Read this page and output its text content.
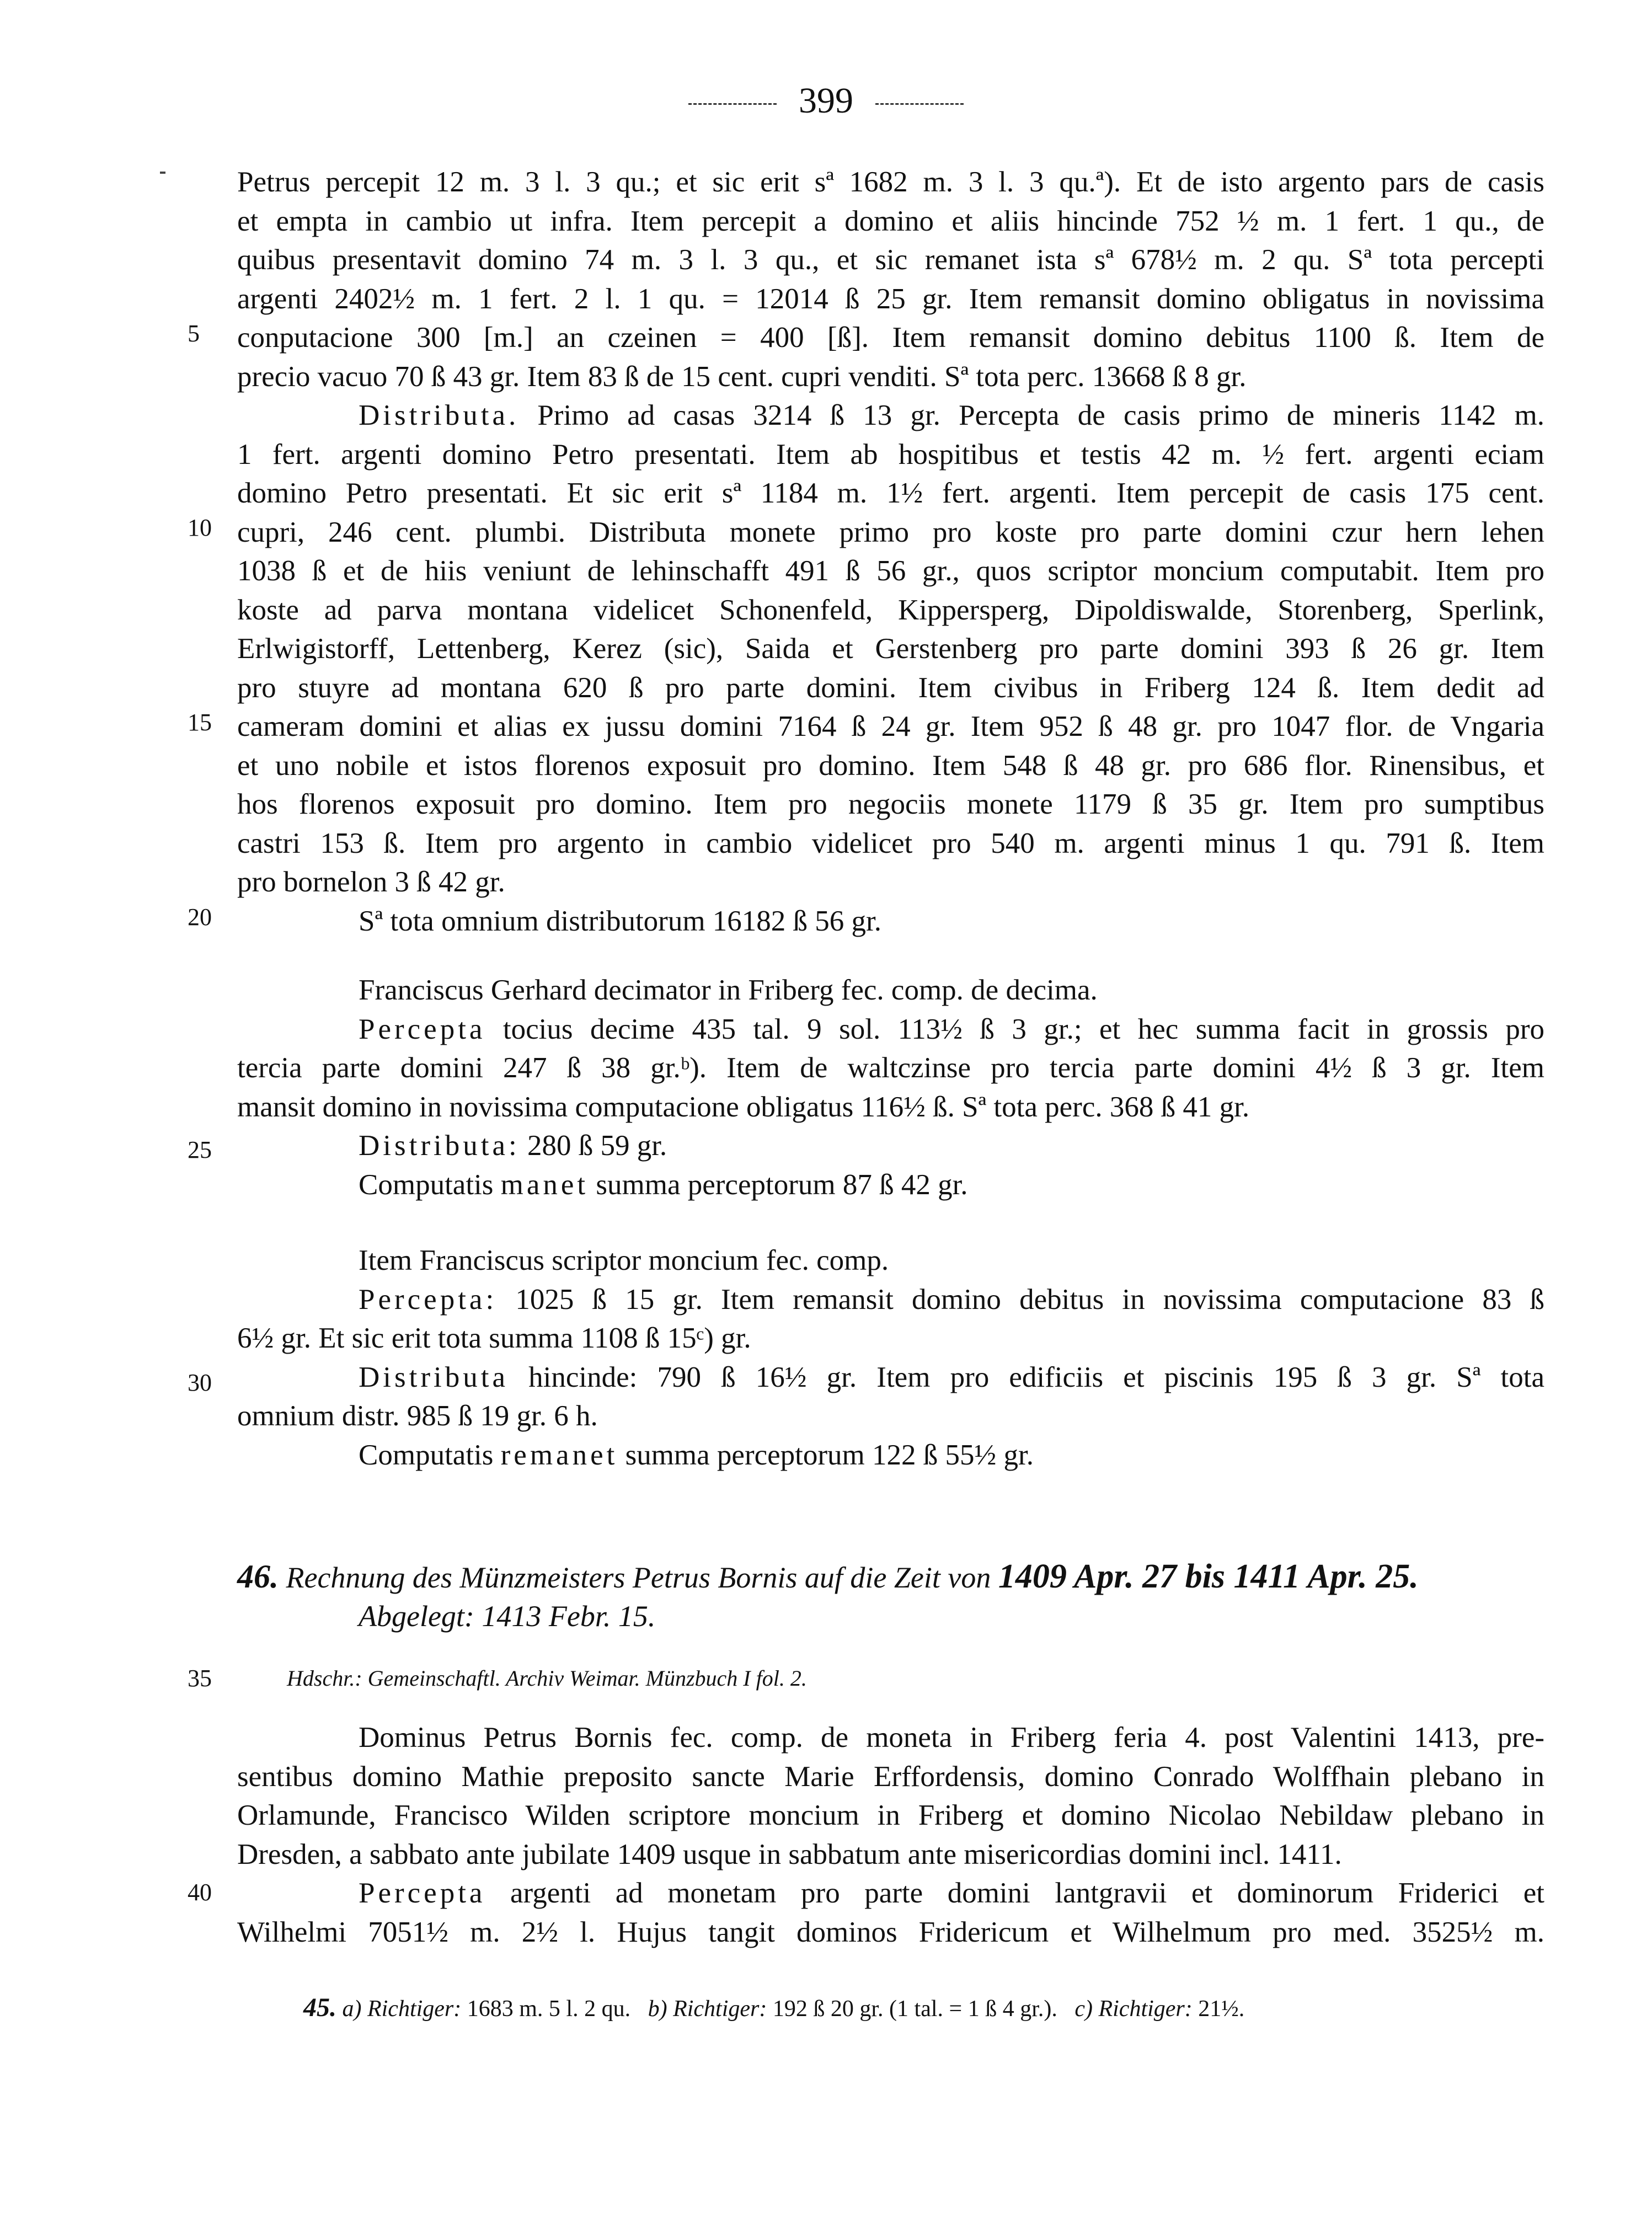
399
5
10
15
20
25
30
35
40
Petrus percepit 12 m. 3 l. 3 qu.; et sic erit sª 1682 m. 3 l. 3 qu.ª). Et de isto argento pars de casis
et empta in cambio ut infra. Item percepit a domino et aliis hincinde 752 ½ m. 1 fert. 1 qu., de
quibus presentavit domino 74 m. 3 l. 3 qu., et sic remanet ista sª 678½ m. 2 qu. Sª tota percepti
argenti 2402½ m. 1 fert. 2 l. 1 qu. = 12014 ß 25 gr. Item remansit domino obligatus in novissima
conputacione 300 [m.] an czeinen = 400 [ß]. Item remansit domino debitus 1100 ß. Item de
precio vacuo 70 ß 43 gr. Item 83 ß de 15 cent. cupri venditi. Sª tota perc. 13668 ß 8 gr.
Distributa. Primo ad casas 3214 ß 13 gr. Percepta de casis primo de mineris 1142 m.
1 fert. argenti domino Petro presentati. Item ab hospitibus et testis 42 m. ½ fert. argenti eciam
domino Petro presentati. Et sic erit sª 1184 m. 1½ fert. argenti. Item percepit de casis 175 cent.
cupri, 246 cent. plumbi. Distributa monete primo pro koste pro parte domini czur hern lehen
1038 ß et de hiis veniunt de lehinschafft 491 ß 56 gr., quos scriptor moncium computabit. Item pro
koste ad parva montana videlicet Schonenfeld, Kippersperg, Dipoldiswalde, Storenberg, Sperlink,
Erlwigistorff, Lettenberg, Kerez (sic), Saida et Gerstenberg pro parte domini 393 ß 26 gr. Item
pro stuyre ad montana 620 ß pro parte domini. Item civibus in Friberg 124 ß. Item dedit ad
cameram domini et alias ex jussu domini 7164 ß 24 gr. Item 952 ß 48 gr. pro 1047 flor. de Vngaria
et uno nobile et istos florenos exposuit pro domino. Item 548 ß 48 gr. pro 686 flor. Rinensibus, et
hos florenos exposuit pro domino. Item pro negociis monete 1179 ß 35 gr. Item pro sumptibus
castri 153 ß. Item pro argento in cambio videlicet pro 540 m. argenti minus 1 qu. 791 ß. Item
pro bornelon 3 ß 42 gr.
Sª tota omnium distributorum 16182 ß 56 gr.
Franciscus Gerhard decimator in Friberg fec. comp. de decima.
Percepta tocius decime 435 tal. 9 sol. 113½ ß 3 gr.; et hec summa facit in grossis pro
tercia parte domini 247 ß 38 gr.ᵇ). Item de waltczinse pro tercia parte domini 4½ ß 3 gr. Item
mansit domino in novissima computacione obligatus 116½ ß. Sª tota perc. 368 ß 41 gr.
Distributa: 280 ß 59 gr.
Computatis manet summa perceptorum 87 ß 42 gr.
Item Franciscus scriptor moncium fec. comp.
Percepta: 1025 ß 15 gr. Item remansit domino debitus in novissima computacione 83 ß
6½ gr. Et sic erit tota summa 1108 ß 15ᶜ) gr.
Distributa hincinde: 790 ß 16½ gr. Item pro edificiis et piscinis 195 ß 3 gr. Sª tota
omnium distr. 985 ß 19 gr. 6 h.
Computatis remanet summa perceptorum 122 ß 55½ gr.
46. Rechnung des Münzmeisters Petrus Bornis auf die Zeit von 1409 Apr. 27 bis 1411 Apr. 25.
Abgelegt: 1413 Febr. 15.
Hdschr.: Gemeinschaftl. Archiv Weimar. Münzbuch I fol. 2.
Dominus Petrus Bornis fec. comp. de moneta in Friberg feria 4. post Valentini 1413, pre-
sentibus domino Mathie preposito sancte Marie Erffordensis, domino Conrado Wolffhain plebano in
Orlamunde, Francisco Wilden scriptore moncium in Friberg et domino Nicolao Nebildaw plebano in
Dresden, a sabbato ante jubilate 1409 usque in sabbatum ante misericordias domini incl. 1411.
Percepta argenti ad monetam pro parte domini lantgravii et dominorum Friderici et
Wilhelmi 7051½ m. 2½ l. Hujus tangit dominos Fridericum et Wilhelmum pro med. 3525½ m.
45. a) Richtiger: 1683 m. 5 l. 2 qu. b) Richtiger: 192 ß 20 gr. (1 tal. = 1 ß 4 gr.). c) Richtiger: 21½.
